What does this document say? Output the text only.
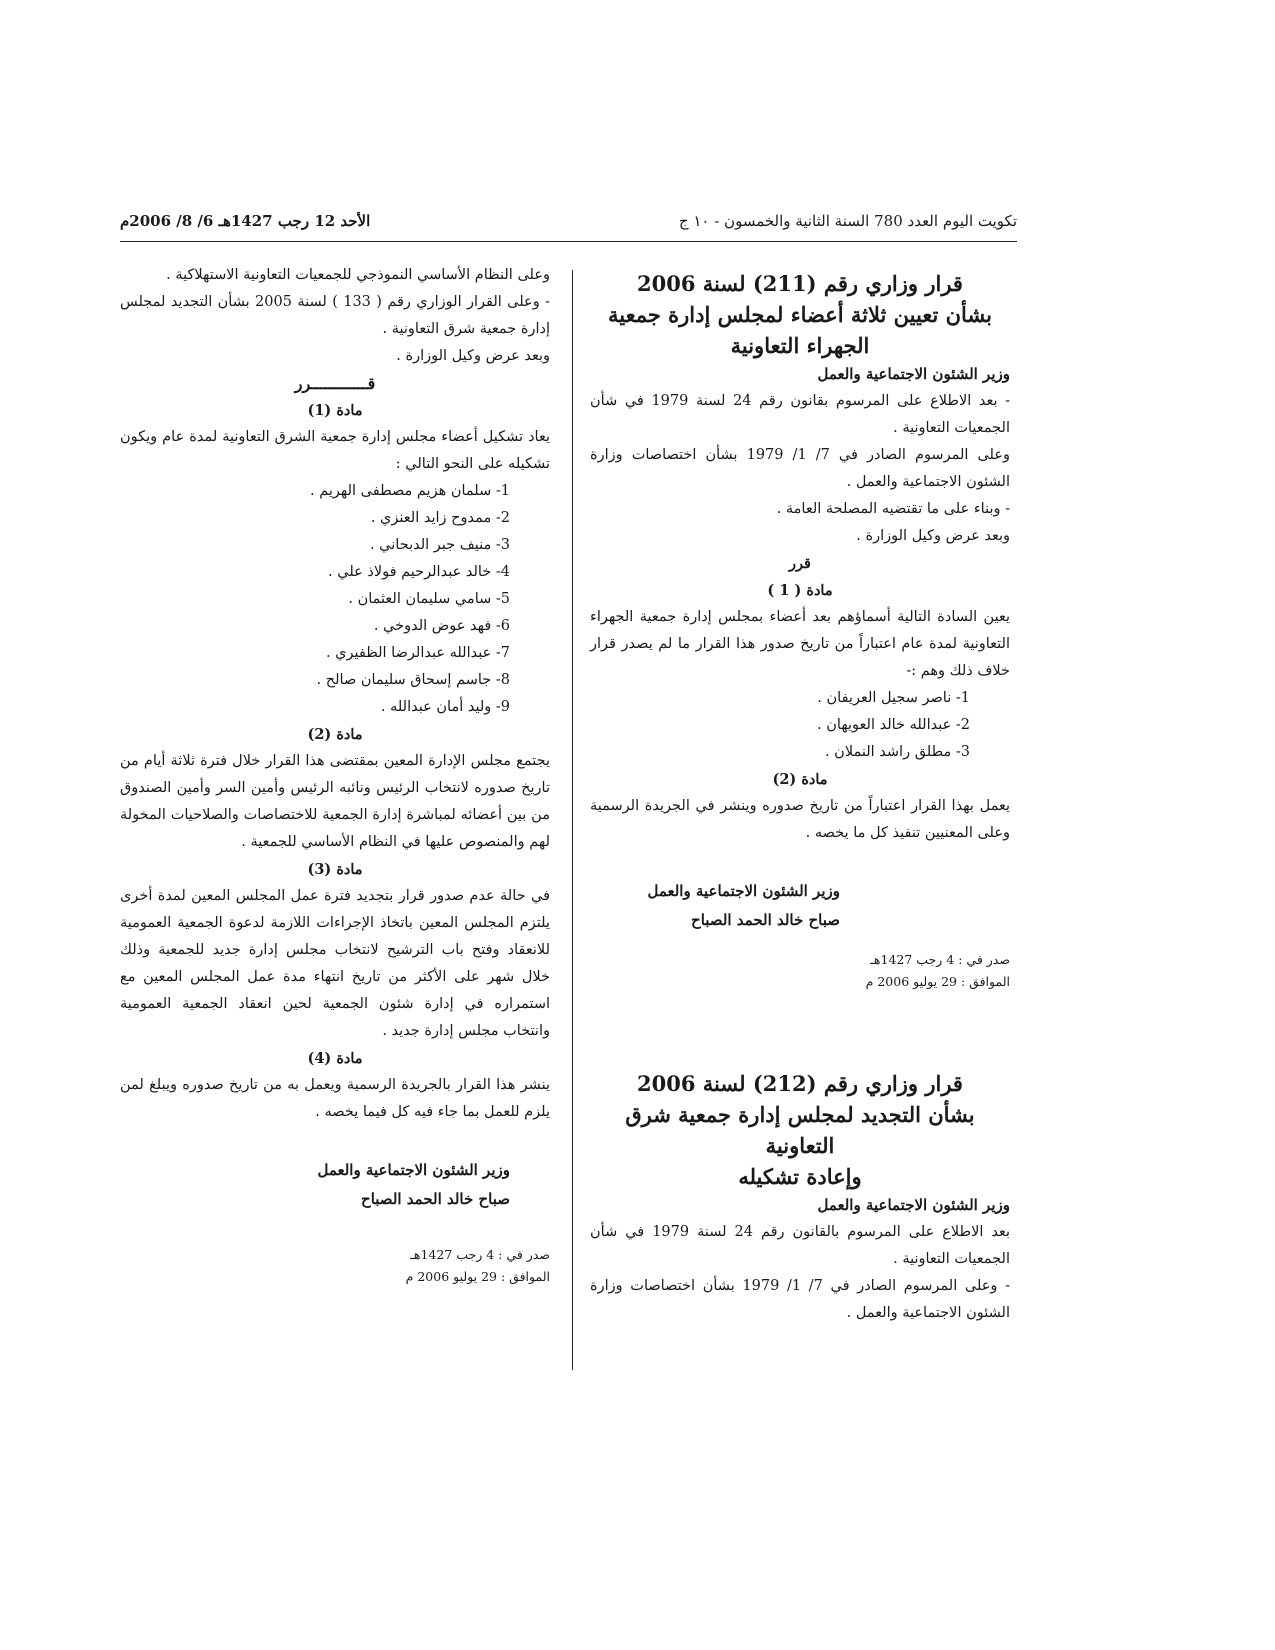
تكويت اليوم العدد 780 السنة الثانية والخمسون - ١٠ ج
الأحد 12 رجب 1427هـ 6/ 8/ 2006م

قرار وزاري رقم (211) لسنة 2006

بشأن تعيين ثلاثة أعضاء لمجلس إدارة جمعية

الجهراء التعاونية

وزير الشئون الاجتماعية والعمل

- بعد الاطلاع على المرسوم بقانون رقم 24 لسنة 1979 في شأن الجمعيات التعاونية .

وعلى المرسوم الصادر في 7/ 1/ 1979 بشأن اختصاصات وزارة الشئون الاجتماعية والعمل .

- وبناء على ما تقتضيه المصلحة العامة .

وبعد عرض وكيل الوزارة .

قرر

مادة ( 1 )

يعين السادة التالية أسماؤهم بعد أعضاء بمجلس إدارة جمعية الجهراء التعاونية لمدة عام اعتباراً من تاريخ صدور هذا القرار ما لم يصدر قرار خلاف ذلك وهم :-

1- ناصر سجيل العريفان .
2- عبدالله خالد العويهان .
3- مطلق راشد النملان .

مادة (2)

يعمل بهذا القرار اعتباراً من تاريخ صدوره وينشر في الجريدة الرسمية وعلى المعنيين تنفيذ كل ما يخصه .

وزير الشئون الاجتماعية والعمل

صباح خالد الحمد الصباح

صدر في : 4 رجب 1427هـ

الموافق : 29 يوليو 2006 م

قرار وزاري رقم (212) لسنة 2006

بشأن التجديد لمجلس إدارة جمعية شرق التعاونية

وإعادة تشكيله

وزير الشئون الاجتماعية والعمل

بعد الاطلاع على المرسوم بالقانون رقم 24 لسنة 1979 في شأن الجمعيات التعاونية .

- وعلى المرسوم الصادر في 7/ 1/ 1979 بشأن اختصاصات وزارة الشئون الاجتماعية والعمل .

وعلى النظام الأساسي النموذجي للجمعيات التعاونية الاستهلاكية .

- وعلى القرار الوزاري رقم ( 133 ) لسنة 2005 بشأن التجديد لمجلس إدارة جمعية شرق التعاونية .

وبعد عرض وكيل الوزارة .

قــــــــــــرر

مادة (1)

يعاد تشكيل أعضاء مجلس إدارة جمعية الشرق التعاونية لمدة عام ويكون تشكيله على النحو التالي :

1- سلمان هزيم مصطفى الهريم .
2- ممدوح زايد العنزي .
3- منيف جبر الدبحاني .
4- خالد عبدالرحيم فولاذ علي .
5- سامي سليمان العثمان .
6- فهد عوض الدوخي .
7- عبدالله عبدالرضا الظفيري .
8- جاسم إسحاق سليمان صالح .
9- وليد أمان عبدالله .

مادة (2)

يجتمع مجلس الإدارة المعين بمقتضى هذا القرار خلال فترة ثلاثة أيام من تاريخ صدوره لانتخاب الرئيس ونائبه الرئيس وأمين السر وأمين الصندوق من بين أعضائه لمباشرة إدارة الجمعية للاختصاصات والصلاحيات المخولة لهم والمنصوص عليها في النظام الأساسي للجمعية .

مادة (3)

في حالة عدم صدور قرار بتجديد فترة عمل المجلس المعين لمدة أخرى يلتزم المجلس المعين باتخاذ الإجراءات اللازمة لدعوة الجمعية العمومية للانعقاد وفتح باب الترشيح لانتخاب مجلس إدارة جديد للجمعية وذلك خلال شهر على الأكثر من تاريخ انتهاء مدة عمل المجلس المعين مع استمراره في إدارة شئون الجمعية لحين انعقاد الجمعية العمومية وانتخاب مجلس إدارة جديد .

مادة (4)

ينشر هذا القرار بالجريدة الرسمية ويعمل به من تاريخ صدوره ويبلغ لمن يلزم للعمل بما جاء فيه كل فيما يخصه .

وزير الشئون الاجتماعية والعمل

صباح خالد الحمد الصباح

صدر في : 4 رجب 1427هـ

الموافق : 29 يوليو 2006 م
